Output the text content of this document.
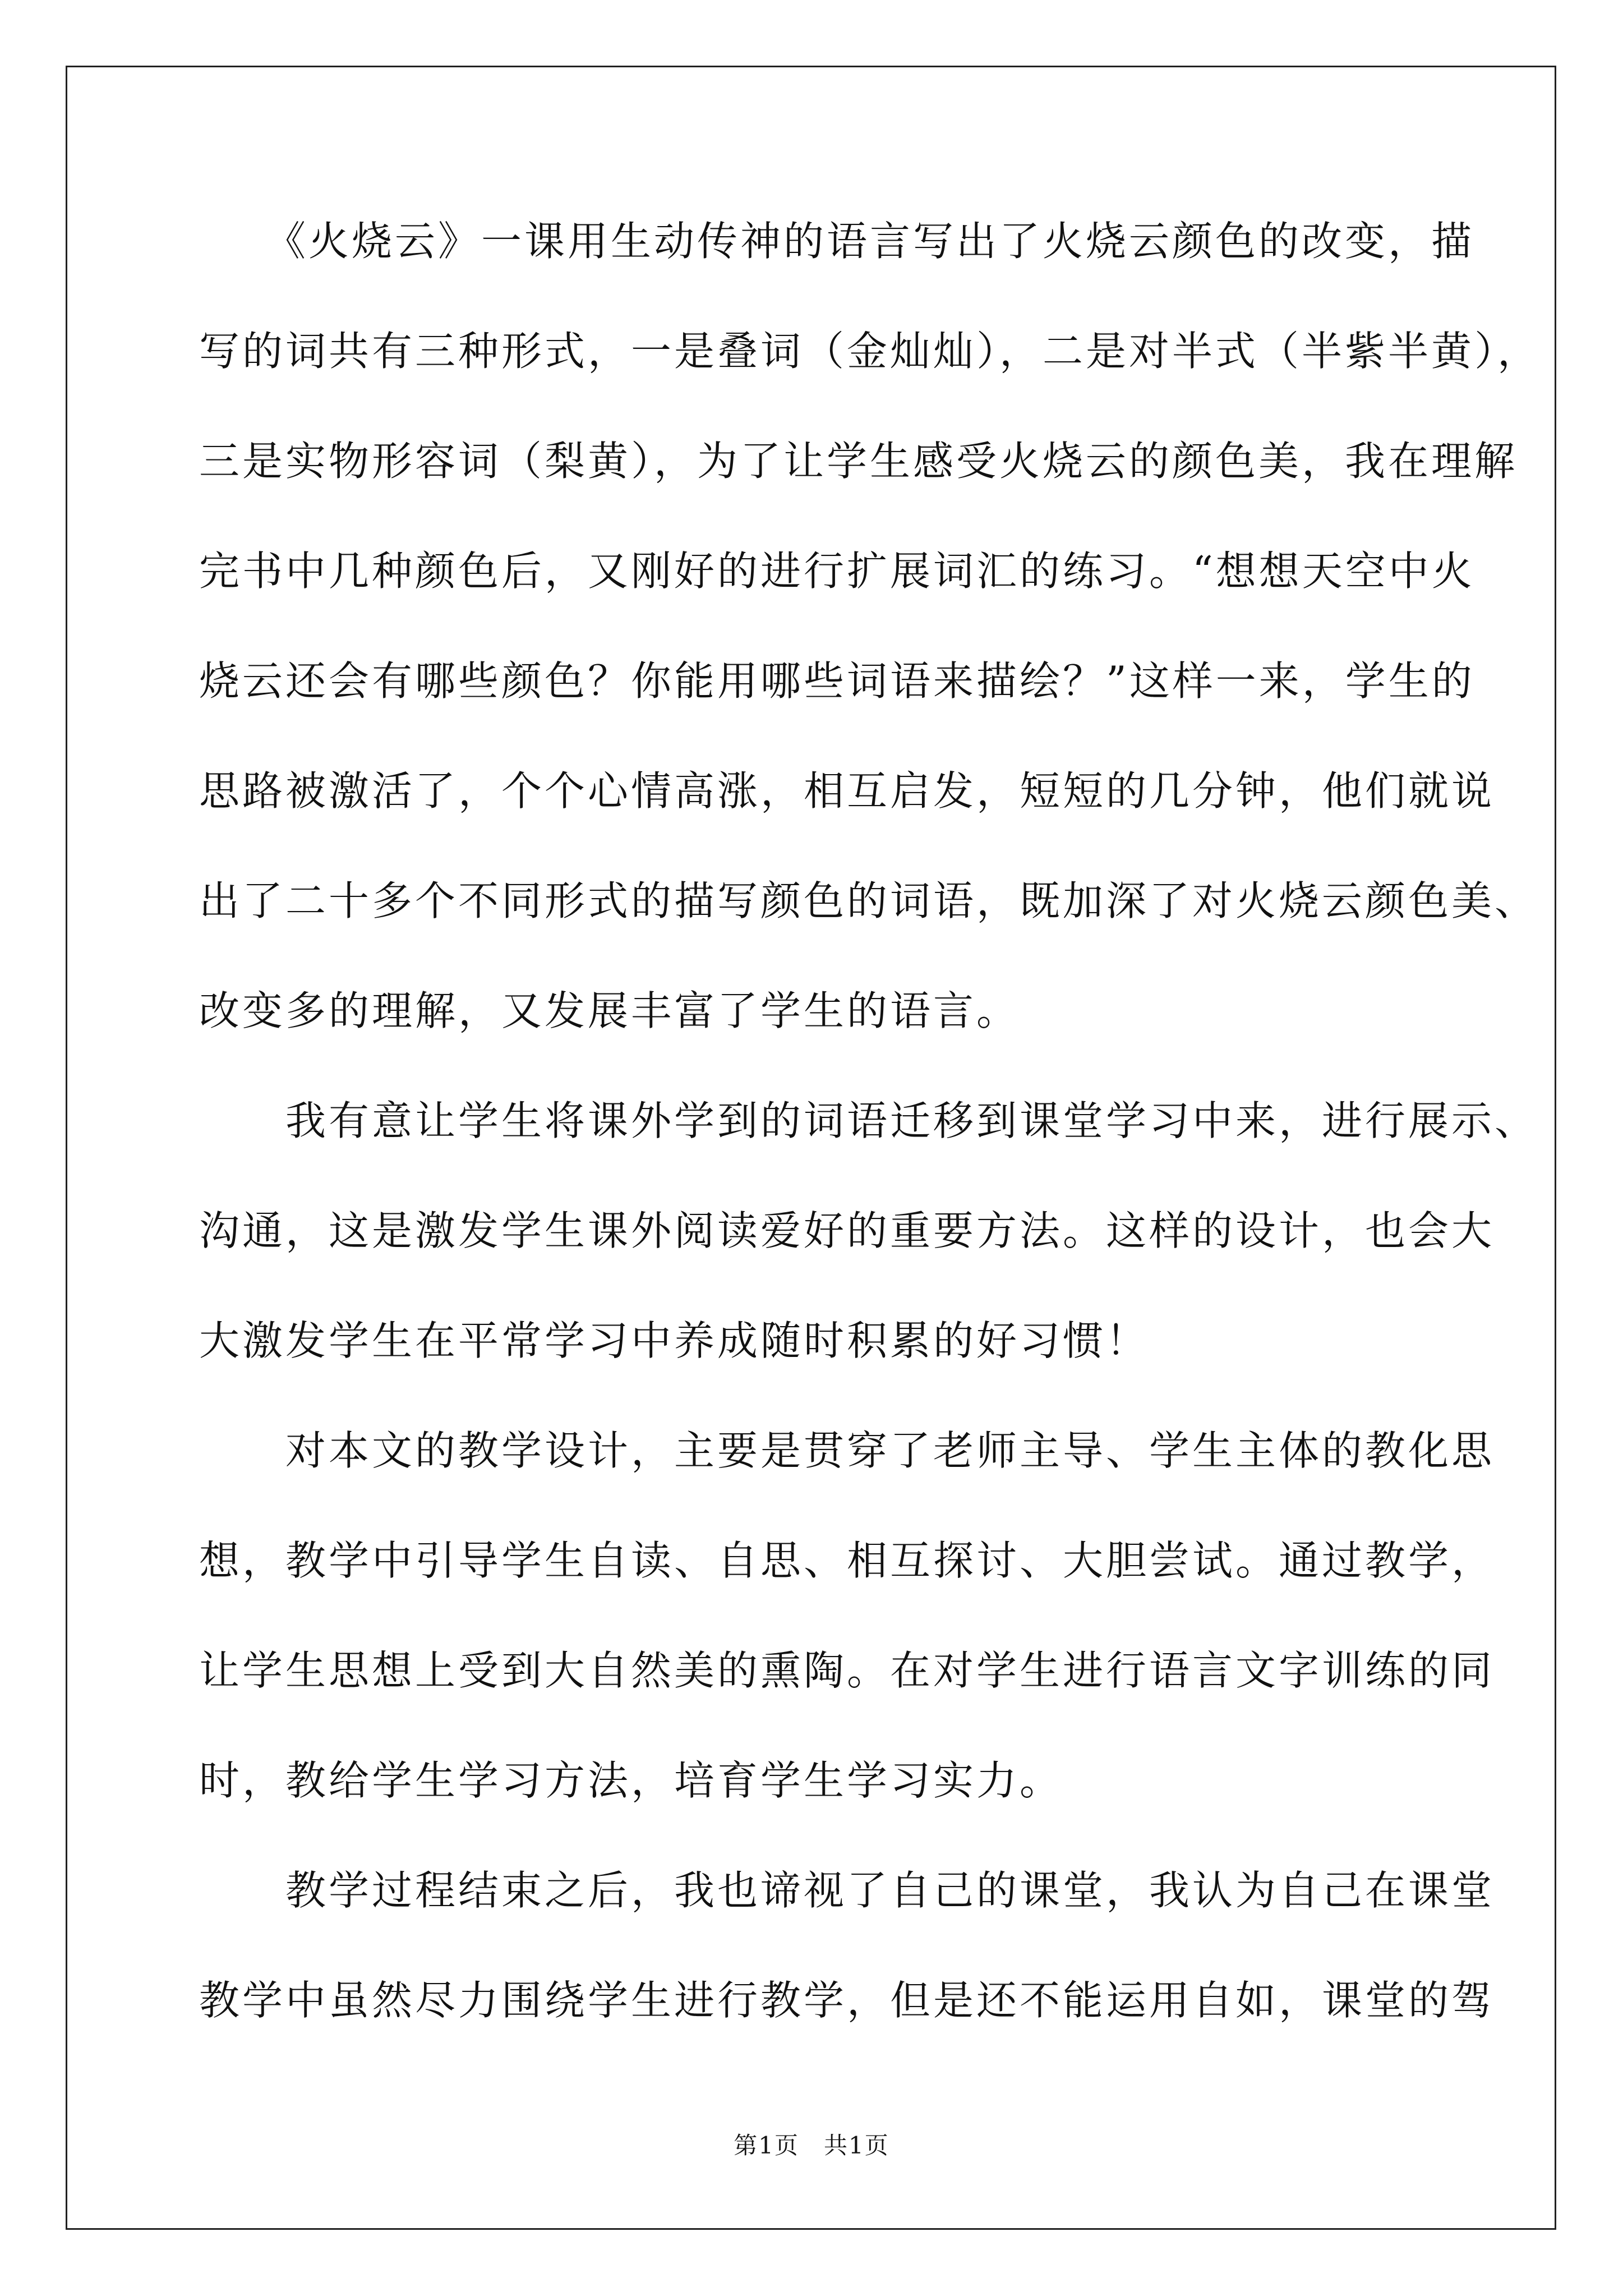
　　《火烧云》一课用生动传神的语言写出了火烧云颜色的改变，描
写的词共有三种形式，一是叠词（金灿灿），二是对半式（半紫半黄），
三是实物形容词（梨黄），为了让学生感受火烧云的颜色美，我在理解
完书中几种颜色后，又刚好的进行扩展词汇的练习。“想想天空中火
烧云还会有哪些颜色？你能用哪些词语来描绘？”这样一来，学生的
思路被激活了，个个心情高涨，相互启发，短短的几分钟，他们就说
出了二十多个不同形式的描写颜色的词语，既加深了对火烧云颜色美、
改变多的理解，又发展丰富了学生的语言。
　　我有意让学生将课外学到的词语迁移到课堂学习中来，进行展示、
沟通，这是激发学生课外阅读爱好的重要方法。这样的设计，也会大
大激发学生在平常学习中养成随时积累的好习惯！
　　对本文的教学设计，主要是贯穿了老师主导、学生主体的教化思
想，教学中引导学生自读、自思、相互探讨、大胆尝试。通过教学，
让学生思想上受到大自然美的熏陶。在对学生进行语言文字训练的同
时，教给学生学习方法，培育学生学习实力。
　　教学过程结束之后，我也谛视了自己的课堂，我认为自己在课堂
教学中虽然尽力围绕学生进行教学，但是还不能运用自如，课堂的驾
第1页　共1页
